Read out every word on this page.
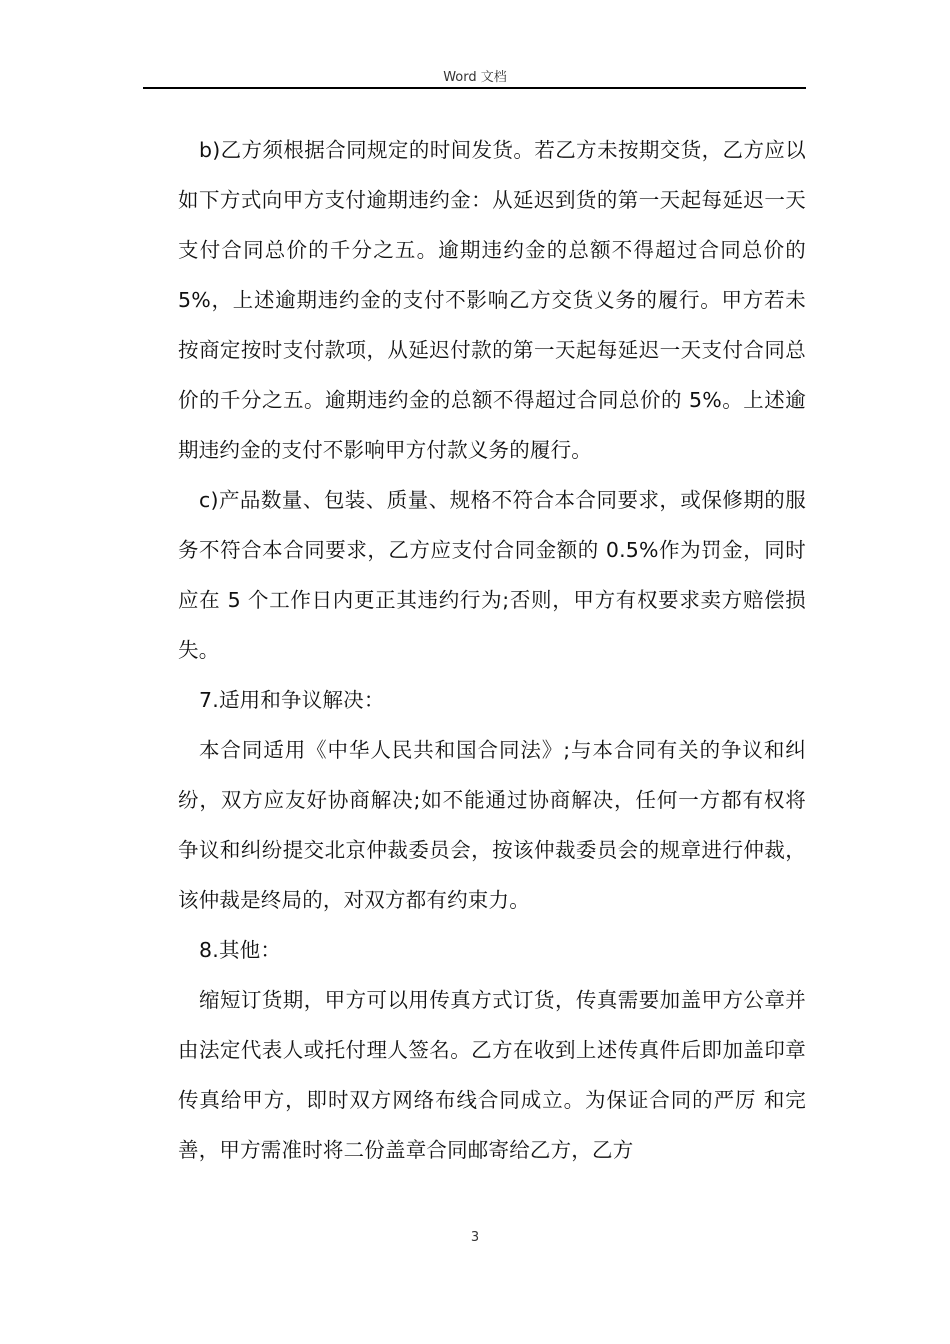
Word 文档

b)乙方须根据合同规定的时间发货。若乙方未按期交货，乙方应以如下方式向甲方支付逾期违约金：从延迟到货的第一天起每延迟一天支付合同总价的千分之五。逾期违约金的总额不得超过合同总价的 5%，上述逾期违约金的支付不影响乙方交货义务的履行。甲方若未按商定按时支付款项，从延迟付款的第一天起每延迟一天支付合同总价的千分之五。逾期违约金的总额不得超过合同总价的 5%。上述逾期违约金的支付不影响甲方付款义务的履行。

c)产品数量、包装、质量、规格不符合本合同要求，或保修期的服务不符合本合同要求，乙方应支付合同金额的 0.5%作为罚金，同时应在 5 个工作日内更正其违约行为;否则，甲方有权要求卖方赔偿损失。

7.适用和争议解决：

本合同适用《中华人民共和国合同法》;与本合同有关的争议和纠纷，双方应友好协商解决;如不能通过协商解决，任何一方都有权将争议和纠纷提交北京仲裁委员会，按该仲裁委员会的规章进行仲裁，该仲裁是终局的，对双方都有约束力。

8.其他：

缩短订货期，甲方可以用传真方式订货，传真需要加盖甲方公章并由法定代表人或托付理人签名。乙方在收到上述传真件后即加盖印章传真给甲方，即时双方网络布线合同成立。为保证合同的严厉 和完善，甲方需准时将二份盖章合同邮寄给乙方，乙方

3
